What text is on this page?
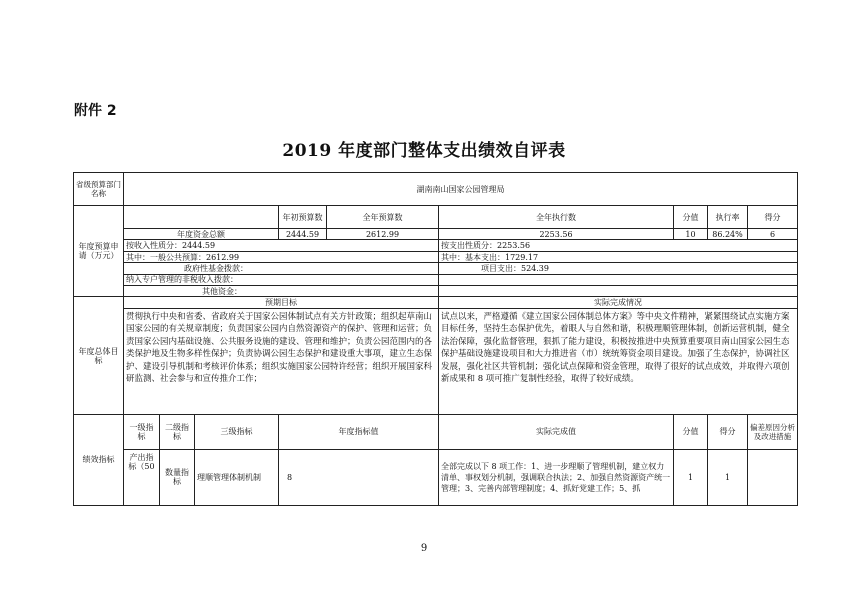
附件 2
2019 年度部门整体支出绩效自评表
省级预算部门名称	湖南南山国家公园管理局								
年度预算申请（万元）				年初预算数	全年预算数	全年执行数	分值	执行率	得分
	年度资金总额			2444.59	2612.99	2253.56	10	86.24%	6
	按收入性质分：2444.59					按支出性质分：2253.56			
	其中：一般公共预算：2612.99					其中：基本支出：1729.17			
	政府性基金拨款：					项目支出：524.39			
	纳入专户管理的非税收入拨款：								
	其他资金：								
年度总体目标	预期目标					实际完成情况			
	贯彻执行中央和省委、省政府关于国家公园体制试点有关方针政策；组织起草南山国家公园的有关规章制度；负责国家公园内自然资源资产的保护、管理和运营；负责国家公园内基础设施、公共服务设施的建设、管理和维护；负责公园范围内的各类保护地及生物多样性保护；负责协调公园生态保护和建设重大事项，建立生态保护、建设引导机制和考核评价体系；组织实施国家公园特许经营；组织开展国家科研监测、社会参与和宣传推介工作；					试点以来，严格遵循《建立国家公园体制总体方案》等中央文件精神，紧紧围绕试点实施方案目标任务，坚持生态保护优先，着眼人与自然和谐，积极理顺管理体制，创新运营机制，健全法治保障，强化监督管理，狠抓了能力建设，积极按推进中央预算重要项目南山国家公园生态保护基础设施建设项目和大力推进省（市）统统筹资金项目建设。加强了生态保护，协调社区发展，强化社区共管机制；强化试点保障和资金管理，取得了很好的试点成效，并取得六项创新成果和 8 项可推广复制性经验，取得了较好成绩。			
绩效指标	一级指标	二级指标	三级指标	年度指标值		实际完成值	分值	得分	偏差原因分析及改进措施
	产出指标（50	数量指标	理顺管理体制机制	8		全部完成以下 8 项工作：1、进一步理顺了管理机制，建立权力清单、事权划分机制，强调联合执法；2、加强自然资源资产统一管理；3、完善内部管理制度；4、抓好党建工作；5、抓	1	1	
9
